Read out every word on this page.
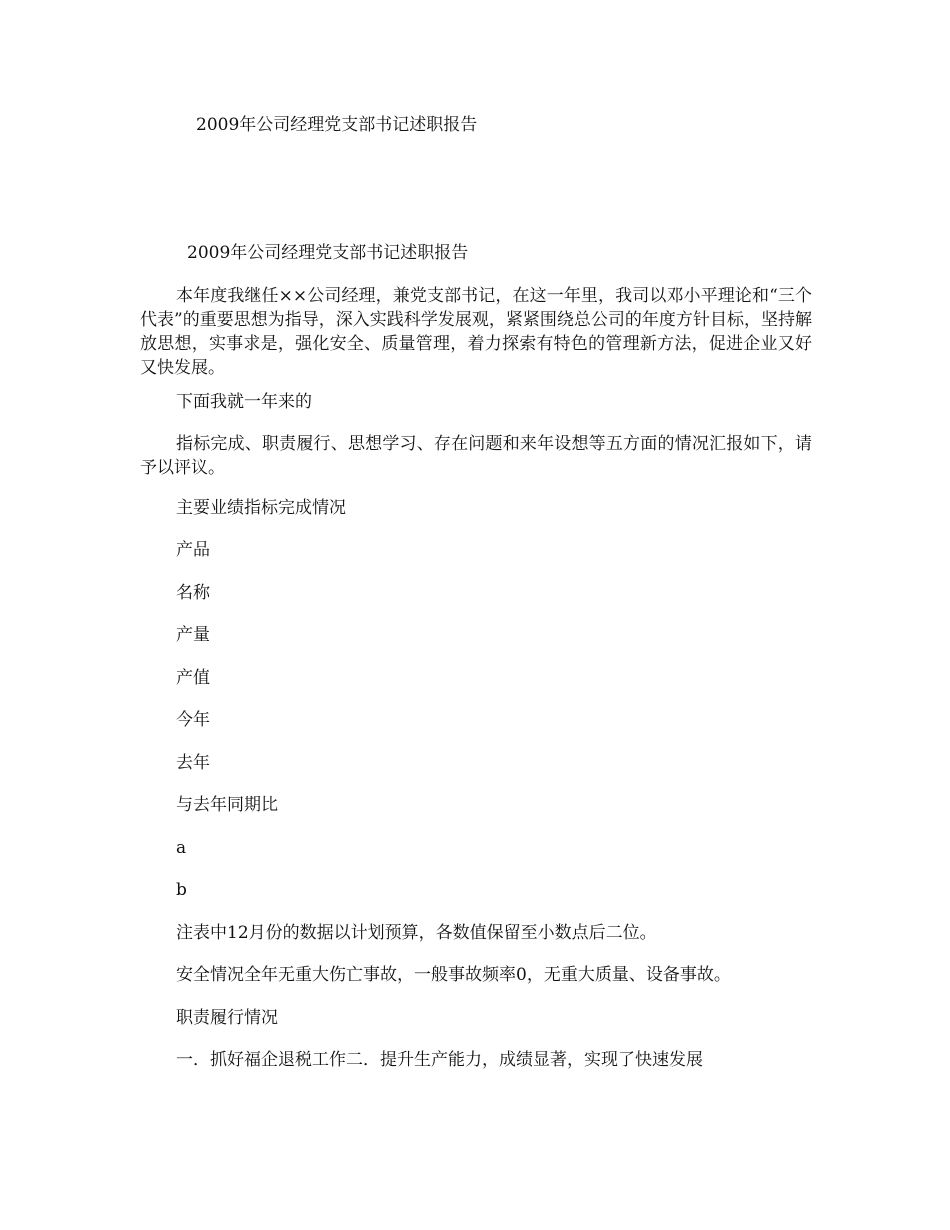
2009年公司经理党支部书记述职报告
2009年公司经理党支部书记述职报告
本年度我继任××公司经理，兼党支部书记，在这一年里，我司以邓小平理论和“三个代表”的重要思想为指导，深入实践科学发展观，紧紧围绕总公司的年度方针目标，坚持解放思想，实事求是，强化安全、质量管理，着力探索有特色的管理新方法，促进企业又好又快发展。
下面我就一年来的
指标完成、职责履行、思想学习、存在问题和来年设想等五方面的情况汇报如下，请予以评议。
主要业绩指标完成情况
产品
名称
产量
产值
今年
去年
与去年同期比
a
b
注表中12月份的数据以计划预算，各数值保留至小数点后二位。
安全情况全年无重大伤亡事故，一般事故频率0，无重大质量、设备事故。
职责履行情况
一．抓好福企退税工作二．提升生产能力，成绩显著，实现了快速发展
